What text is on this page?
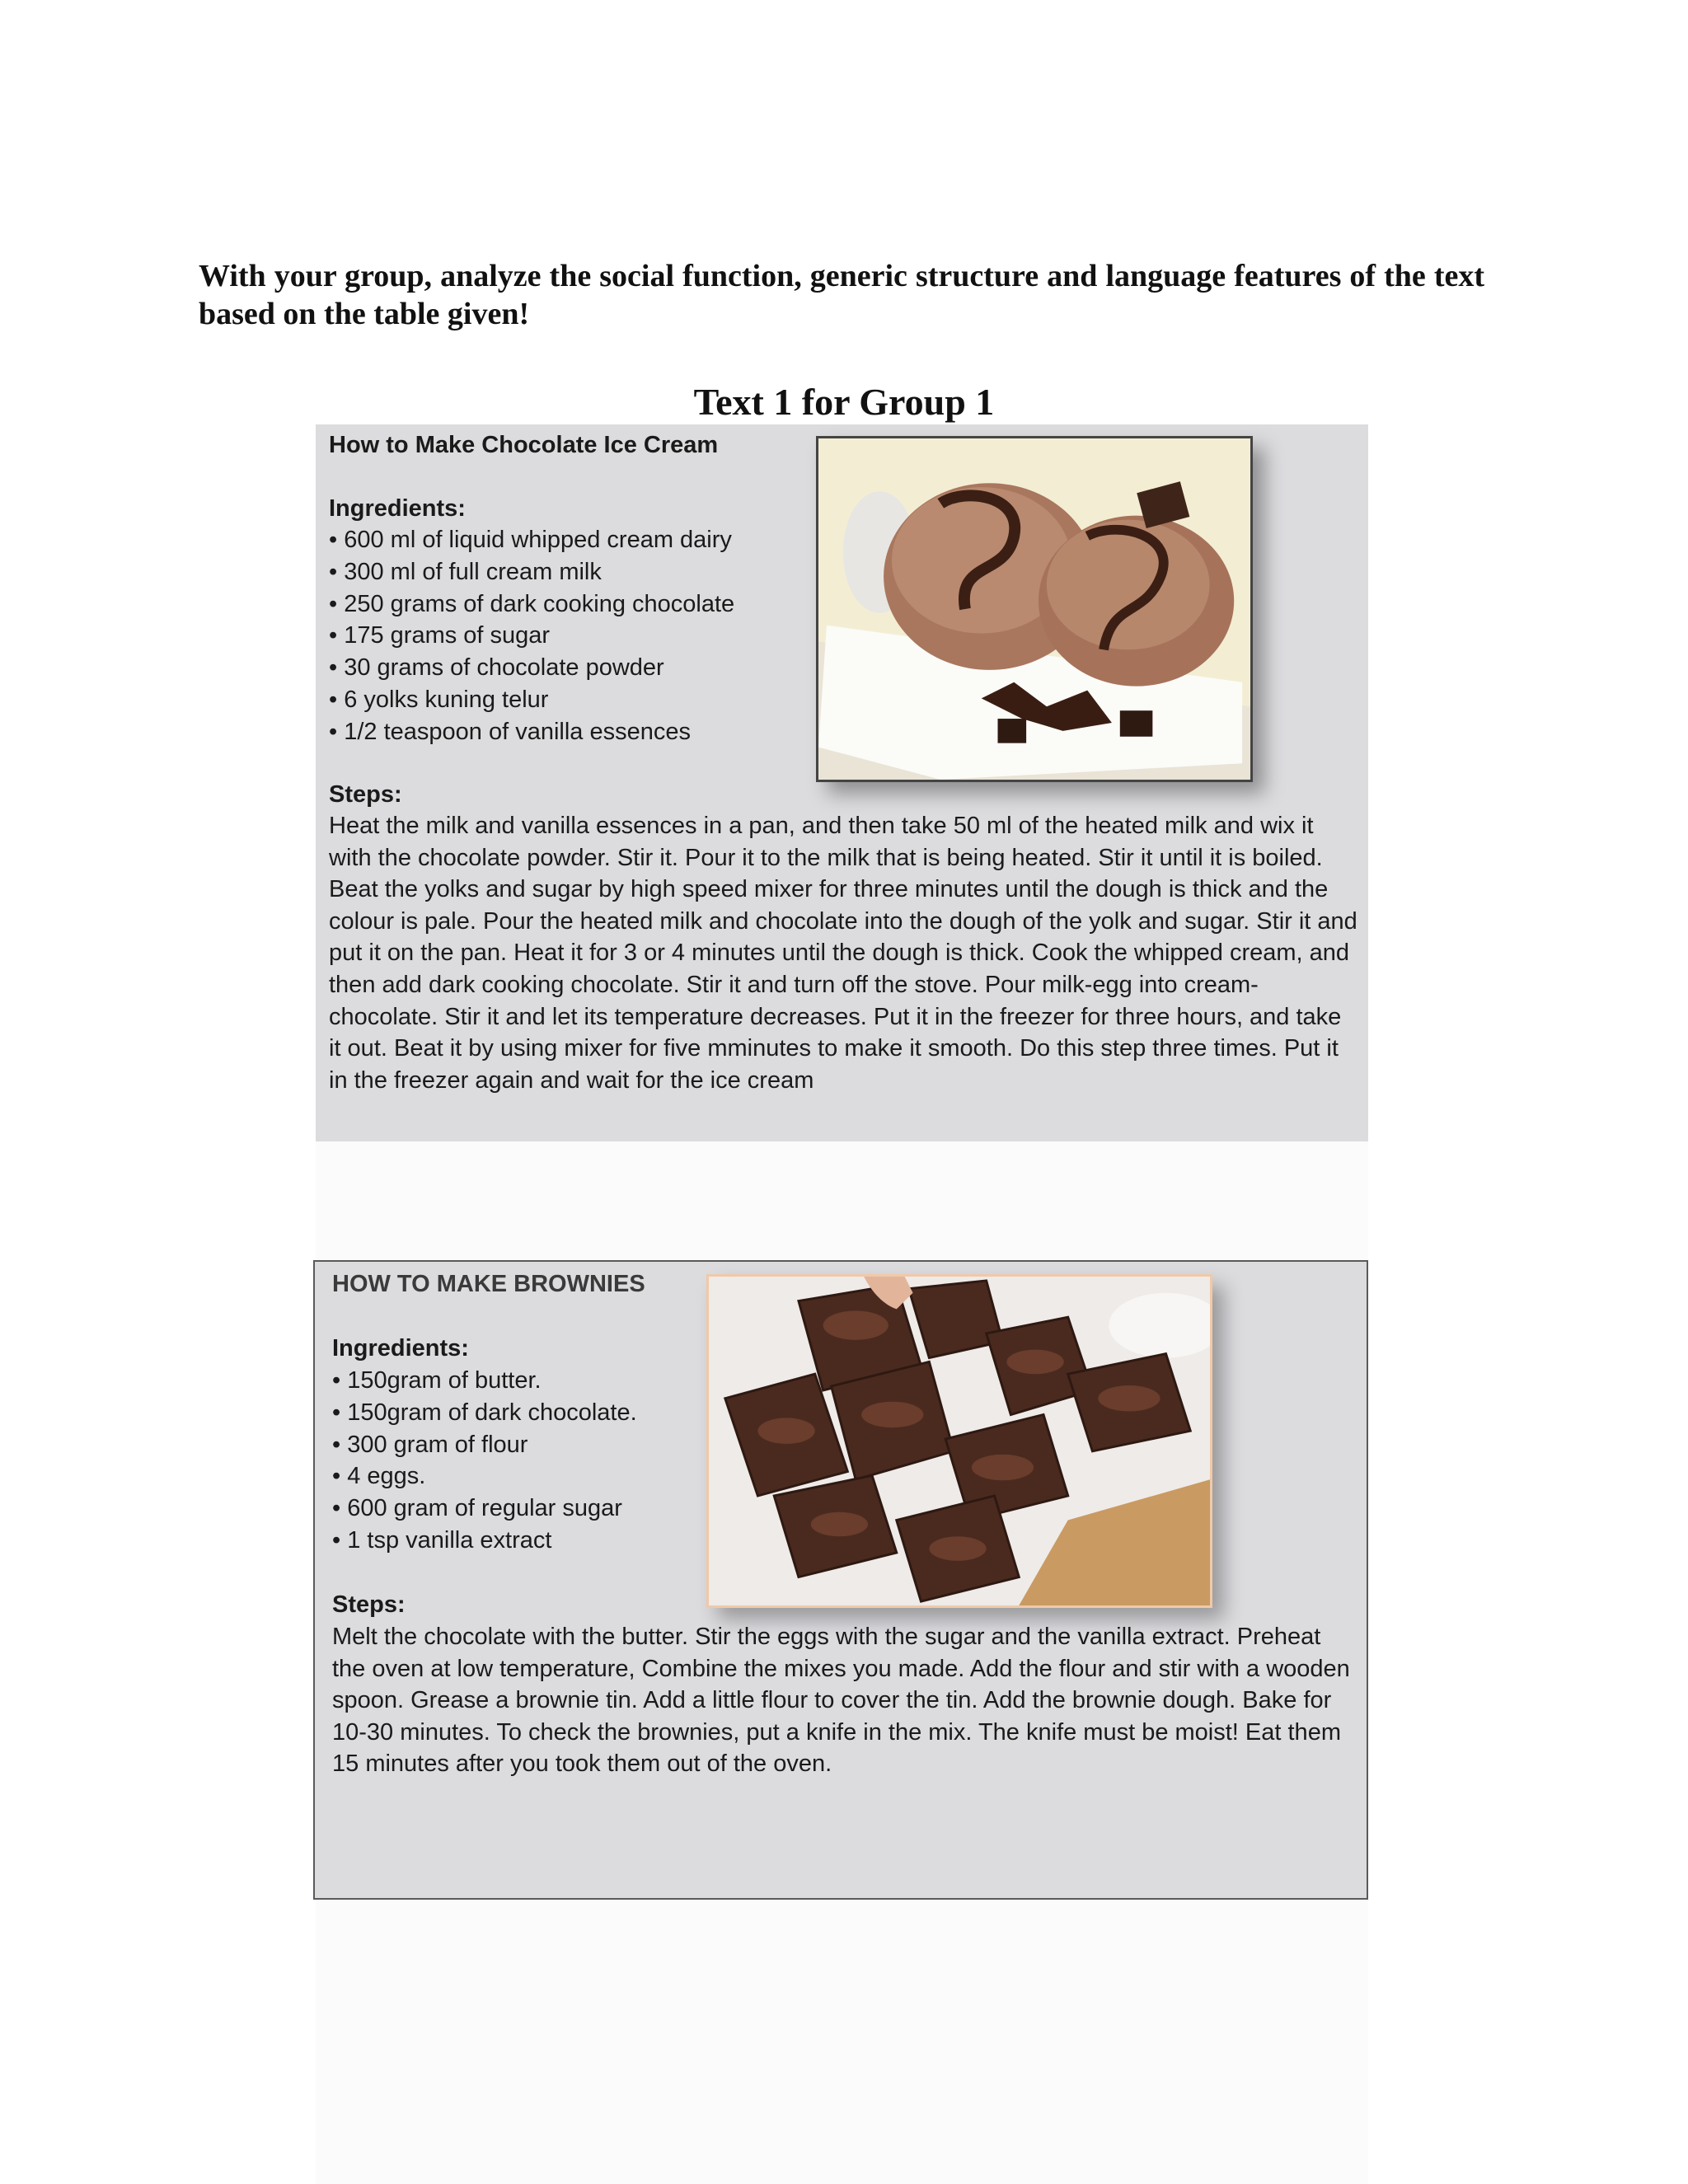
With your group, analyze the social function, generic structure and language features of the text based on the table given!
Text 1 for Group 1
How to Make Chocolate Ice Cream
Ingredients:
• 600 ml of liquid whipped cream dairy
• 300 ml of full cream milk
• 250 grams of dark cooking chocolate
• 175 grams of sugar
• 30 grams of chocolate powder
• 6 yolks kuning telur
• 1/2 teaspoon of vanilla essences
Steps:
Heat the milk and vanilla essences in a pan, and then take 50 ml of the heated milk and wix it with the chocolate powder. Stir it. Pour it to the milk that is being heated. Stir it until it is boiled.
Beat the yolks and sugar by high speed mixer for three minutes until the dough is thick and the colour is pale. Pour the heated milk and chocolate into the dough of the yolk and sugar. Stir it and put it on the pan. Heat it for 3 or 4 minutes until the dough is thick. Cook the whipped cream, and then add dark cooking chocolate. Stir it and turn off the stove. Pour milk-egg into cream-chocolate. Stir it and let its temperature decreases. Put it in the freezer for three hours, and take it out. Beat it by using mixer for five mminutes to make it smooth. Do this step three times. Put it in the freezer again and wait for the ice cream
HOW TO MAKE BROWNIES
Ingredients:
• 150gram of butter.
• 150gram of dark chocolate.
• 300 gram of flour
• 4 eggs.
• 600 gram of regular sugar
• 1 tsp vanilla extract
Steps:
Melt the chocolate with the butter. Stir the eggs with the sugar and the vanilla extract. Preheat the oven at low temperature, Combine the mixes you made. Add the flour and stir with a wooden spoon. Grease a brownie tin. Add a little flour to cover the tin. Add the brownie dough. Bake for 10-30 minutes. To check the brownies, put a knife in the mix. The knife must be moist! Eat them 15 minutes after you took them out of the oven.
